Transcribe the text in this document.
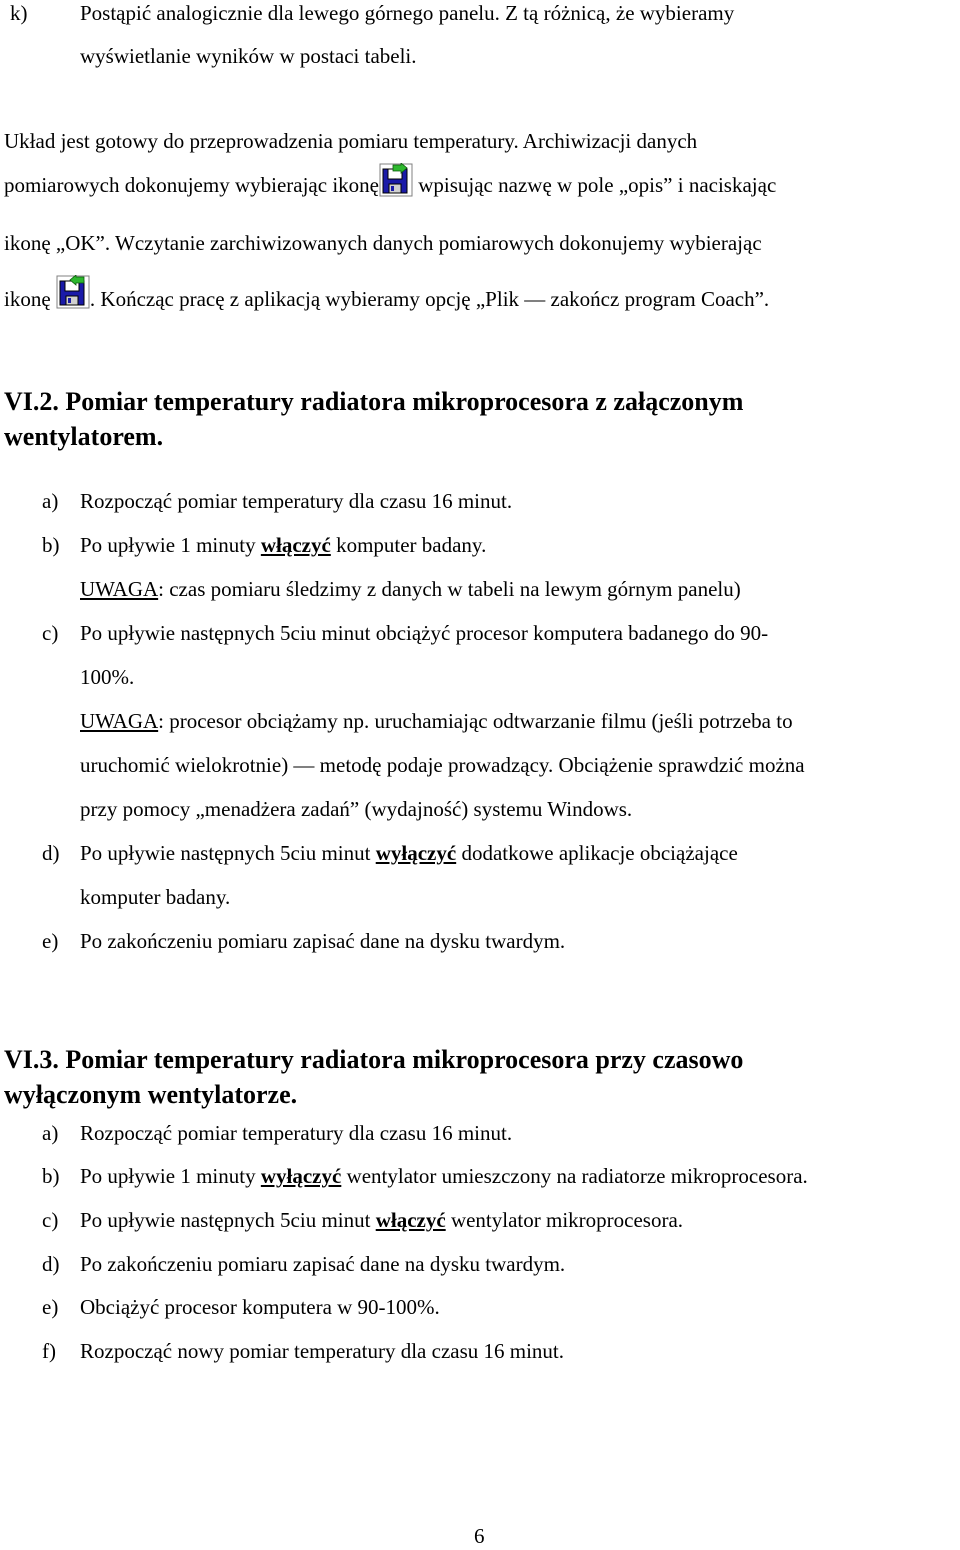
k)	Postąpić analogicznie dla lewego górnego panelu. Z tą różnicą, że wybieramy
wyświetlanie wyników w postaci tabeli.
Układ jest gotowy do przeprowadzenia pomiaru temperatury. Archiwizacji danych
pomiarowych dokonujemy wybierając ikonę wpisując nazwę w pole „opis” i naciskając
ikonę „OK”. Wczytanie zarchiwizowanych danych pomiarowych dokonujemy wybierając
ikonę . Kończąc pracę z aplikacją wybieramy opcję „Plik — zakończ program Coach”.
VI.2. Pomiar temperatury radiatora mikroprocesora z załączonym
wentylatorem.
a) Rozpocząć pomiar temperatury dla czasu 16 minut.
b) Po upływie 1 minuty włączyć komputer badany.
UWAGA: czas pomiaru śledzimy z danych w tabeli na lewym górnym panelu)
c) Po upływie następnych 5ciu minut obciążyć procesor komputera badanego do 90-
100%.
UWAGA: procesor obciążamy np. uruchamiając odtwarzanie filmu (jeśli potrzeba to
uruchomić wielokrotnie) — metodę podaje prowadzący. Obciążenie sprawdzić można
przy pomocy „menadżera zadań” (wydajność) systemu Windows.
d) Po upływie następnych 5ciu minut wyłączyć dodatkowe aplikacje obciążające
komputer badany.
e) Po zakończeniu pomiaru zapisać dane na dysku twardym.
VI.3. Pomiar temperatury radiatora mikroprocesora przy czasowo
wyłączonym wentylatorze.
a) Rozpocząć pomiar temperatury dla czasu 16 minut.
b) Po upływie 1 minuty wyłączyć wentylator umieszczony na radiatorze mikroprocesora.
c) Po upływie następnych 5ciu minut włączyć wentylator mikroprocesora.
d) Po zakończeniu pomiaru zapisać dane na dysku twardym.
e) Obciążyć procesor komputera w 90-100%.
f) Rozpocząć nowy pomiar temperatury dla czasu 16 minut.
6
